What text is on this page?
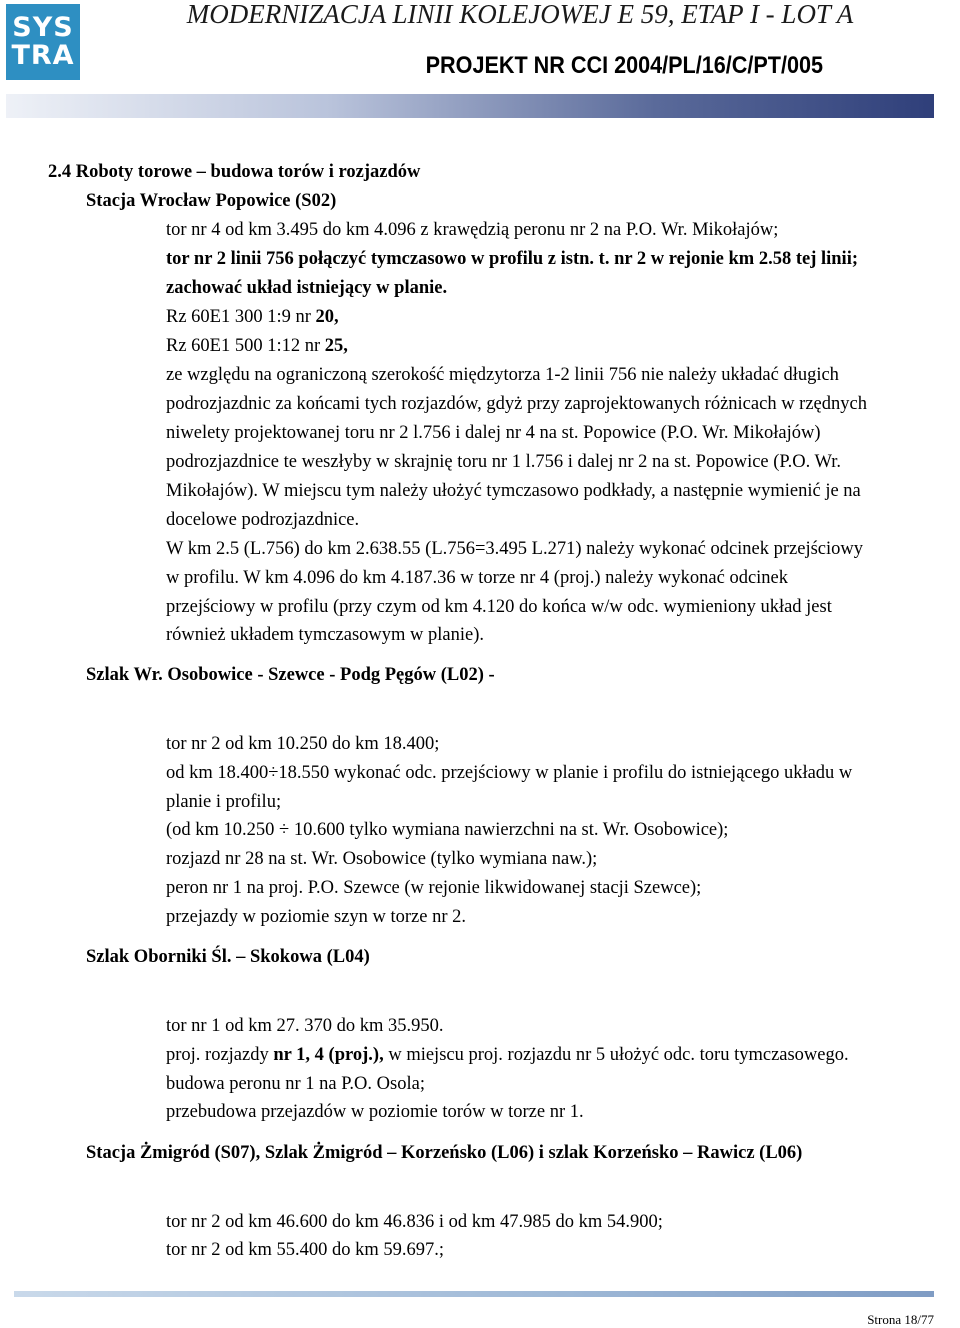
SYS
TRA
MODERNIZACJA LINII KOLEJOWEJ E 59, ETAP I - LOT A
PROJEKT NR CCI 2004/PL/16/C/PT/005
2.4 Roboty torowe – budowa torów i rozjazdów
Stacja Wrocław Popowice (S02)
tor nr 4 od km 3.495 do km 4.096 z krawędzią peronu nr 2 na P.O. Wr. Mikołajów;
tor nr 2 linii 756 połączyć tymczasowo w profilu z istn. t. nr 2 w rejonie km 2.58 tej linii;
zachować układ istniejący w planie.
Rz 60E1 300 1:9 nr 20,
Rz 60E1 500 1:12 nr 25,
ze względu na ograniczoną szerokość międzytorza 1-2 linii 756 nie należy układać długich
podrozjazdnic za końcami tych rozjazdów, gdyż przy zaprojektowanych różnicach w rzędnych
niwelety projektowanej toru nr 2 l.756 i dalej nr 4 na st. Popowice (P.O. Wr. Mikołajów)
podrozjazdnice te weszłyby w skrajnię toru nr 1 l.756 i dalej nr 2 na st. Popowice (P.O. Wr.
Mikołajów). W miejscu tym należy ułożyć tymczasowo podkłady, a następnie wymienić je na
docelowe podrozjazdnice.
W km 2.5 (L.756) do km 2.638.55 (L.756=3.495 L.271) należy wykonać odcinek przejściowy
w profilu. W km 4.096 do km 4.187.36 w torze nr 4 (proj.) należy wykonać odcinek
przejściowy w profilu (przy czym od km 4.120 do końca w/w odc. wymieniony układ jest
również układem tymczasowym w planie).
Szlak Wr. Osobowice - Szewce - Podg Pęgów (L02) -
tor nr 2 od km 10.250 do km 18.400;
od km 18.400÷18.550 wykonać odc. przejściowy w planie i profilu do istniejącego układu w
planie i profilu;
(od km 10.250 ÷ 10.600 tylko wymiana nawierzchni na st. Wr. Osobowice);
rozjazd nr 28 na st. Wr. Osobowice (tylko wymiana naw.);
peron nr 1 na proj. P.O. Szewce (w rejonie likwidowanej stacji Szewce);
przejazdy w poziomie szyn w torze nr 2.
Szlak Oborniki Śl. – Skokowa (L04)
tor nr 1 od km 27. 370 do km 35.950.
proj. rozjazdy nr 1, 4 (proj.), w miejscu proj. rozjazdu nr 5 ułożyć odc. toru tymczasowego.
budowa peronu nr 1 na P.O. Osola;
przebudowa przejazdów w poziomie torów w torze nr 1.
Stacja Żmigród (S07), Szlak Żmigród – Korzeńsko (L06) i szlak Korzeńsko – Rawicz (L06)
tor nr 2 od km 46.600 do km 46.836 i od km 47.985 do km 54.900;
tor nr 2 od km 55.400 do km 59.697.;
Strona 18/77
